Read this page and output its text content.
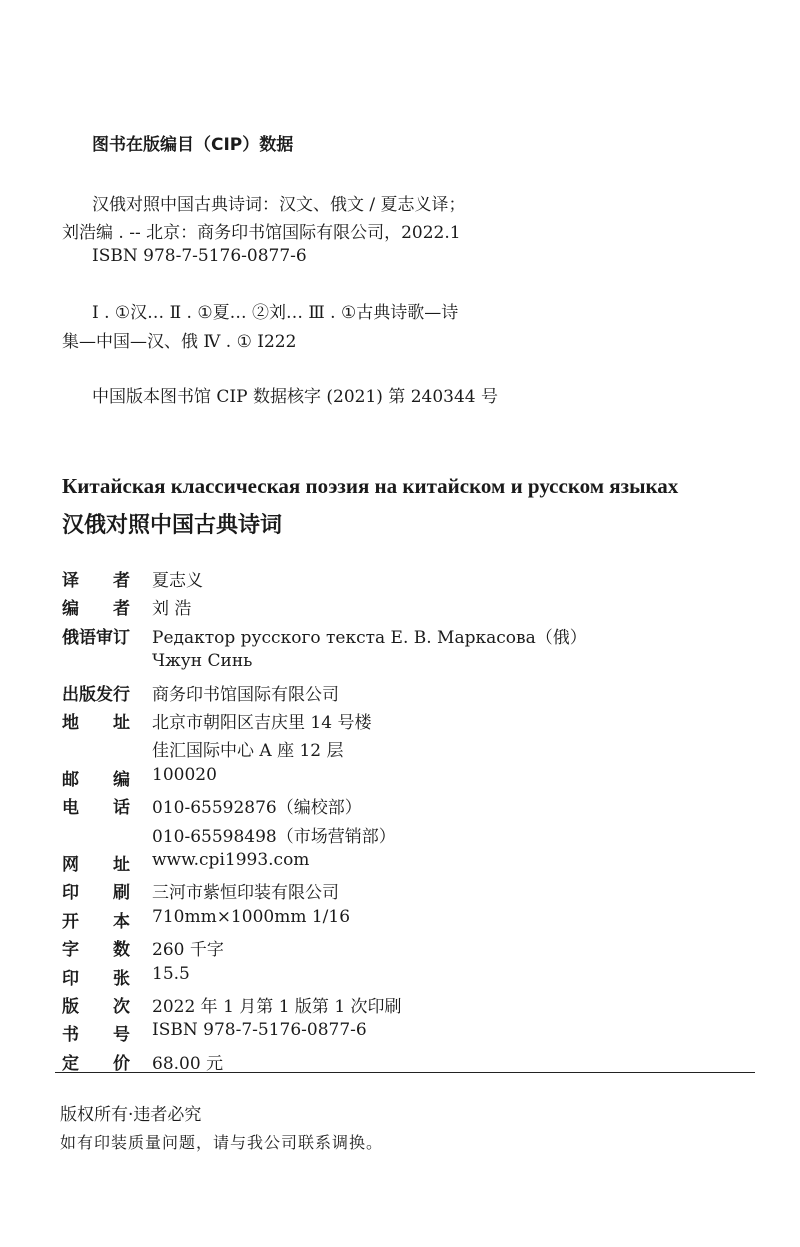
图书在版编目（CIP）数据
汉俄对照中国古典诗词：汉文、俄文 / 夏志义译；
刘浩编 . -- 北京：商务印书馆国际有限公司，2022.1
ISBN 978-7-5176-0877-6
Ⅰ . ①汉… Ⅱ . ①夏… ②刘… Ⅲ . ①古典诗歌—诗
集—中国—汉、俄 Ⅳ . ① I222
中国版本图书馆 CIP 数据核字 (2021) 第 240344 号
Китайская классическая поэзия на китайском и русском языках
汉俄对照中国古典诗词
译　　者	夏志义
编　　者	刘 浩
俄语审订	Редактор русского текста Е. В. Маркасова（俄）
Чжун Синь
出版发行	商务印书馆国际有限公司
地　　址	北京市朝阳区吉庆里 14 号楼
佳汇国际中心 A 座 12 层
邮　　编	100020
电　　话	010-65592876（编校部）
010-65598498（市场营销部）
网　　址	www.cpi1993.com
印　　刷	三河市紫恒印装有限公司
开　　本	710mm×1000mm 1/16
字　　数	260 千字
印　　张	15.5
版　　次	2022 年 1 月第 1 版第 1 次印刷
书　　号	ISBN 978-7-5176-0877-6
定　　价	68.00 元
版权所有·违者必究
如有印装质量问题，请与我公司联系调换。
